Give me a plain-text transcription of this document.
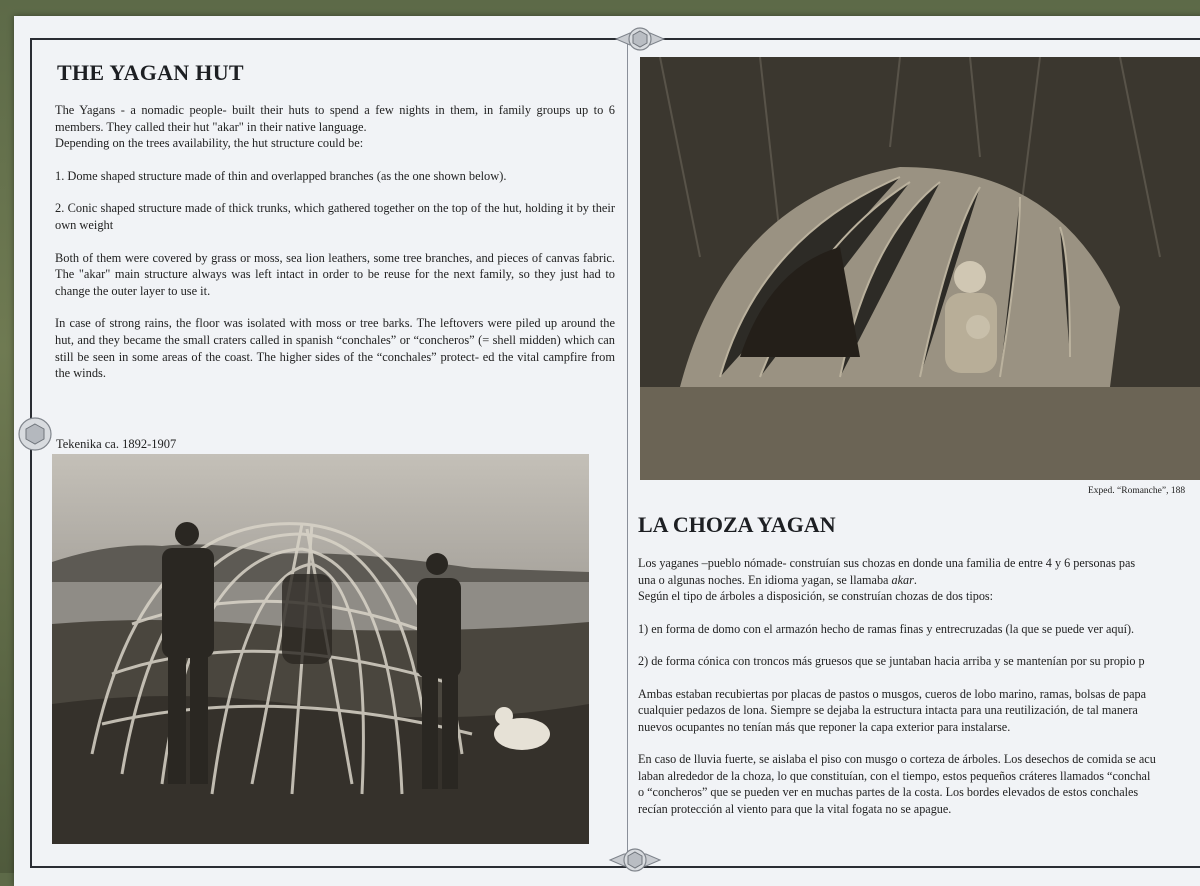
THE YAGAN HUT

The Yagans - a nomadic people- built their huts to spend a few nights in them, in family groups up to 6 members. They called their hut "akar" in their native language.

Depending on the trees availability, the hut structure could be:

1. Dome shaped structure made of thin and overlapped branches (as the one shown below).

2. Conic shaped structure made of thick trunks, which gathered together on the top of the hut, holding it by their own weight

Both of them were covered by grass or moss, sea lion leathers, some tree branches, and pieces of canvas fabric. The "akar" main structure always was left intact in order to be reuse for the next family, so they just had to change the outer layer to use it.

In case of strong rains, the floor was isolated with moss or tree barks. The leftovers were piled up around the hut, and they became the small craters called in spanish “conchales” or “concheros” (= shell midden) which can still be seen in some areas of the coast. The higher sides of the “conchales” protect- ed the vital campfire from the winds.

Tekenika ca. 1892-1907
Exped. “Romanche”, 188
LA CHOZA YAGAN

Los yaganes –pueblo nómade- construían sus chozas en donde una familia de entre 4 y 6 personas pas

una o algunas noches. En idioma yagan, se llamaba akar.

Según el tipo de árboles a disposición, se construían chozas de dos tipos:

1) en forma de domo con el armazón hecho de ramas finas y entrecruzadas (la que se puede ver aquí).

2) de forma cónica con troncos más gruesos que se juntaban hacia arriba y se mantenían por su propio p

Ambas estaban recubiertas por placas de pastos o musgos, cueros de lobo marino, ramas, bolsas de papa

cualquier pedazos de lona. Siempre se dejaba la estructura intacta para una reutilización, de tal manera

nuevos ocupantes no tenían más que reponer la capa exterior para instalarse.

En caso de lluvia fuerte, se aislaba el piso con musgo o corteza de árboles. Los desechos de comida se acu

laban alrededor de la choza, lo que constituían, con el tiempo, estos pequeños cráteres llamados “conchal

o “concheros” que se pueden ver en muchas partes de la costa. Los bordes elevados de estos conchales

recían protección al viento para que la vital fogata no se apague.
